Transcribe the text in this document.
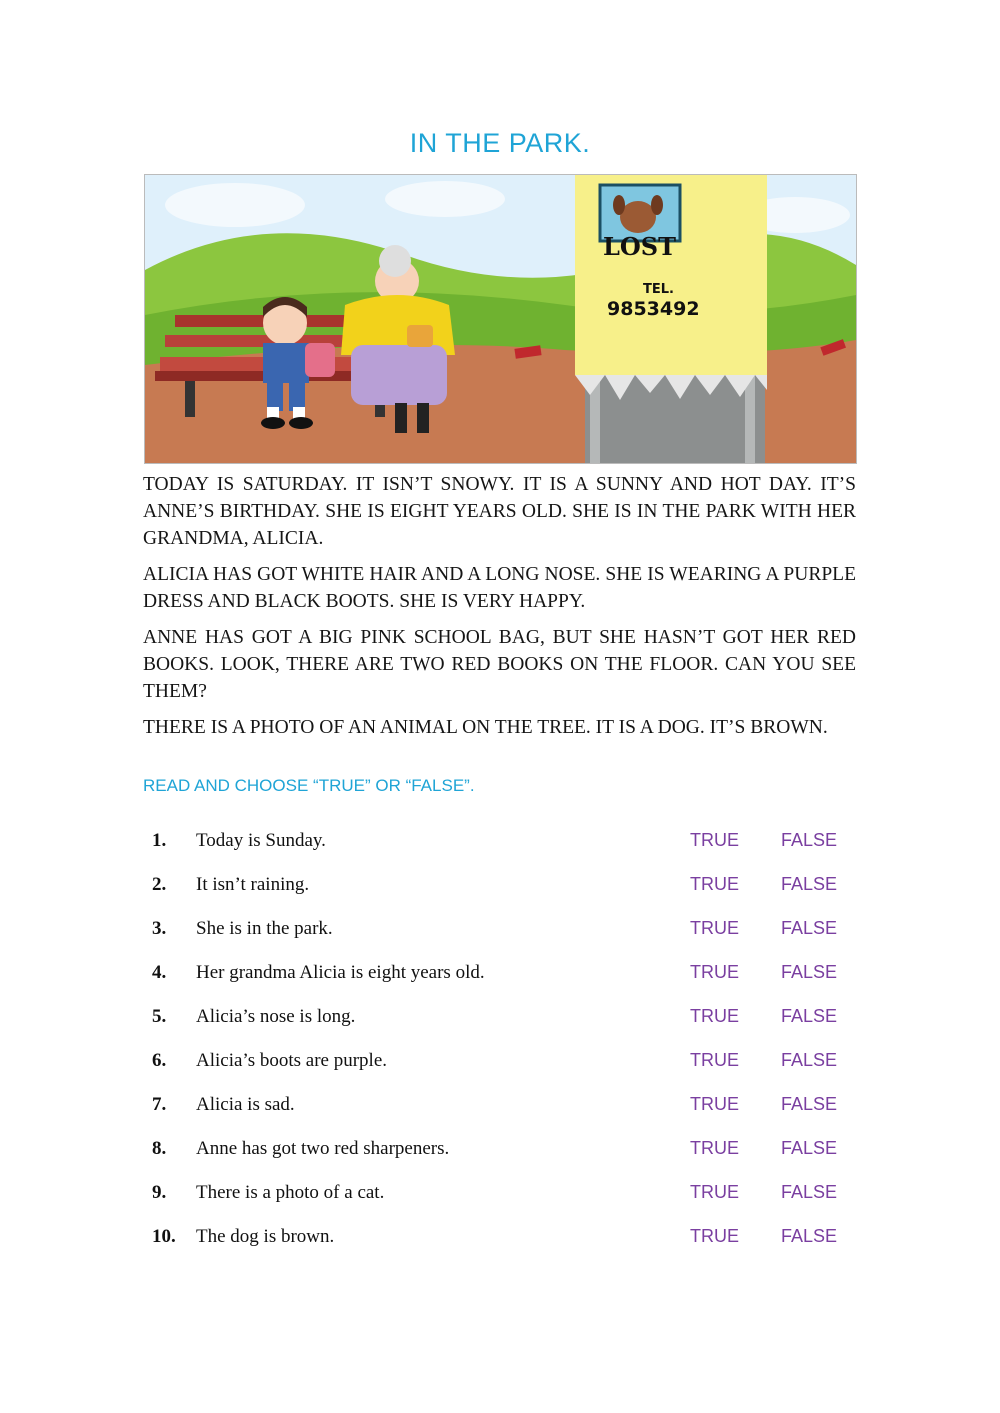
IN THE PARK.
LOST
TEL.
9853492

TODAY IS SATURDAY. IT ISN’T SNOWY. IT IS A SUNNY AND HOT DAY. IT’S ANNE’S BIRTHDAY. SHE IS EIGHT YEARS OLD. SHE IS IN THE PARK WITH HER GRANDMA, ALICIA.

ALICIA HAS GOT WHITE HAIR AND A LONG NOSE. SHE IS WEARING A PURPLE DRESS AND BLACK BOOTS. SHE IS VERY HAPPY.

ANNE HAS GOT A BIG PINK SCHOOL BAG, BUT SHE HASN’T GOT HER RED BOOKS. LOOK, THERE ARE TWO RED BOOKS ON THE FLOOR. CAN YOU SEE THEM?

THERE IS A PHOTO OF AN ANIMAL ON THE TREE. IT IS A DOG. IT’S BROWN.

READ AND CHOOSE “TRUE” OR “FALSE”.
1. Today is Sunday.	TRUE FALSE
2. It isn’t raining.	TRUE FALSE
3. She is in the park.	TRUE FALSE
4. Her grandma Alicia is eight years old.	TRUE FALSE
5. Alicia’s nose is long.	TRUE FALSE
6. Alicia’s boots are purple.	TRUE FALSE
7. Alicia is sad.	TRUE FALSE
8. Anne has got two red sharpeners.	TRUE FALSE
9. There is a photo of a cat.	TRUE FALSE
10. The dog is brown.	TRUE FALSE
